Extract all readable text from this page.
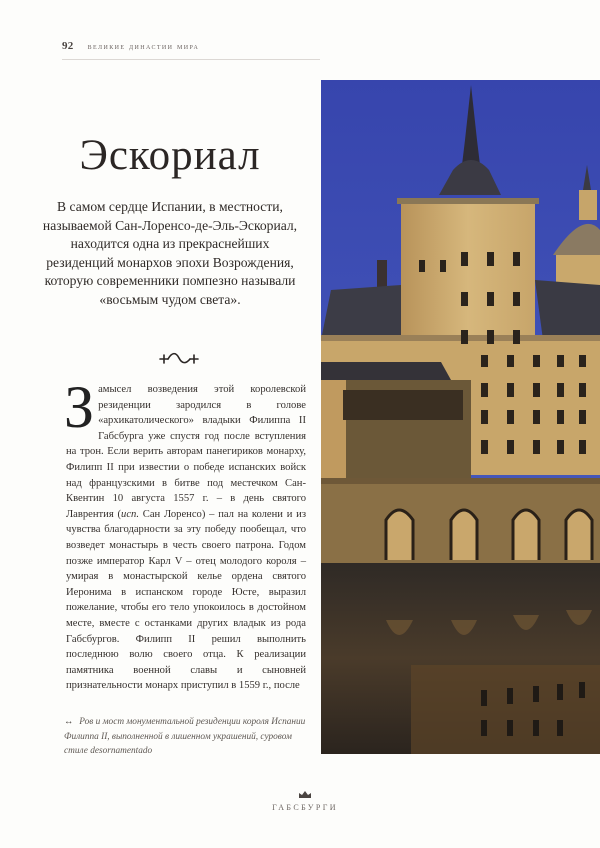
92 великие династии мира
Эскориал

В самом сердце Испании, в местности, называемой Сан-Лоренсо-де-Эль-Эскориал, находится одна из прекраснейших резиденций монархов эпохи Возрождения, которую современники помпезно называли «восьмым чудом света».

Замысел возведения этой королевской резиденции зародился в голове «архикатолического» владыки Филиппа II Габсбурга уже спустя год после вступления на трон. Если верить авторам панегириков монарху, Филипп II при известии о победе испанских войск над французскими в битве под местечком Сан-Квентин 10 августа 1557 г. – в день святого Лаврентия (исп. Сан Лоренсо) – пал на колени и из чувства благодарности за эту победу пообещал, что возведет монастырь в честь своего патрона. Годом позже император Карл V – отец молодого короля – умирая в монастырской келье ордена святого Иеронима в испанском городе Юсте, выразил пожелание, чтобы его тело упокоилось в достойном месте, вместе с останками других владык из рода Габсбургов. Филипп II решил выполнить последнюю волю своего отца. К реализации памятника военной славы и сыновней признательности монарх приступил в 1559 г., после

↔ Ров и мост монументальной резиденции короля Испании Филиппа II, выполненной в лишенном украшений, суровом стиле desornamentado

ГАБСБУРГИ
